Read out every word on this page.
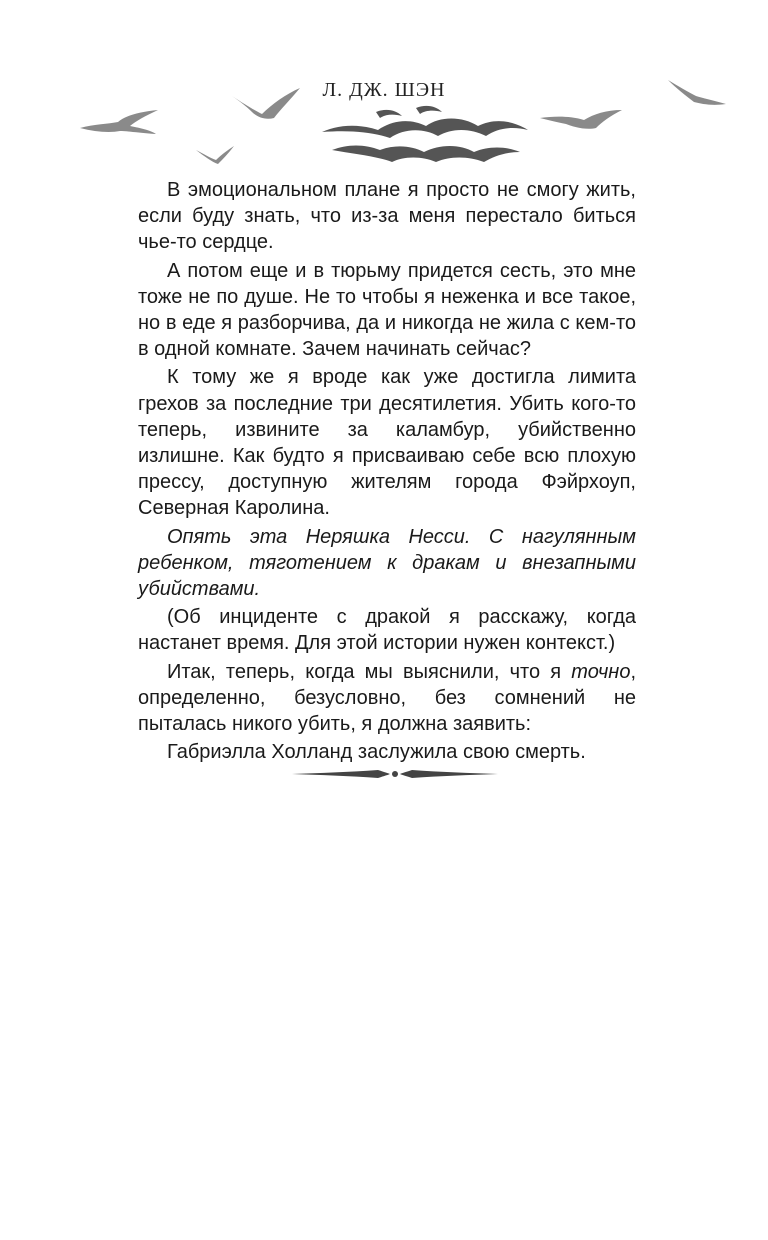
Л. ДЖ. ШЭН

В эмоциональном плане я просто не смогу жить, если буду знать, что из-за меня перестало биться чье-то сердце.

А потом еще и в тюрьму придется сесть, это мне тоже не по душе. Не то чтобы я неженка и все такое, но в еде я разборчива, да и никогда не жила с кем-то в одной комнате. Зачем начинать сейчас?

К тому же я вроде как уже достигла лимита грехов за последние три десятилетия. Убить кого-то теперь, извините за каламбур, убийственно излишне. Как будто я присваиваю себе всю плохую прессу, доступную жителям города Фэйрхоуп, Северная Каролина.

Опять эта Неряшка Несси. С нагулянным ребенком, тяготением к дракам и внезапными убийствами.

(Об инциденте с дракой я расскажу, когда настанет время. Для этой истории нужен контекст.)

Итак, теперь, когда мы выяснили, что я точно, определенно, безусловно, без сомнений не пыталась никого убить, я должна заявить:

Габриэлла Холланд заслужила свою смерть.
